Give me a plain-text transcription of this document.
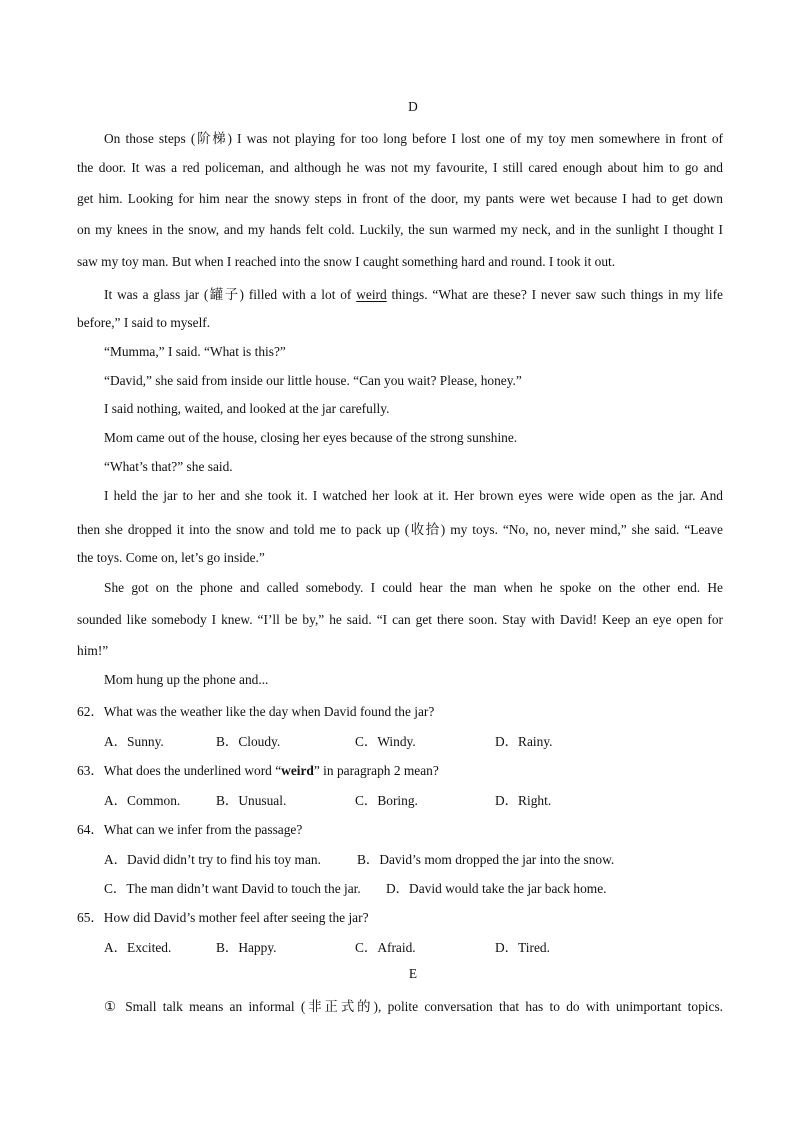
D
On those steps (阶梯) I was not playing for too long before I lost one of my toy men somewhere in front of
the door. It was a red policeman, and although he was not my favourite, I still cared enough about him to go and
get him. Looking for him near the snowy steps in front of the door, my pants were wet because I had to get down
on my knees in the snow, and my hands felt cold. Luckily, the sun warmed my neck, and in the sunlight I thought I
saw my toy man. But when I reached into the snow I caught something hard and round. I took it out.
It was a glass jar (罐子) filled with a lot of weird things. “What are these? I never saw such things in my life
before,” I said to myself.
“Mumma,” I said. “What is this?”
“David,” she said from inside our little house. “Can you wait? Please, honey.”
I said nothing, waited, and looked at the jar carefully.
Mom came out of the house, closing her eyes because of the strong sunshine.
“What’s that?” she said.
I held the jar to her and she took it. I watched her look at it. Her brown eyes were wide open as the jar. And
then she dropped it into the snow and told me to pack up (收拾) my toys. “No, no, never mind,” she said. “Leave
the toys. Come on, let’s go inside.”
She got on the phone and called somebody. I could hear the man when he spoke on the other end. He
sounded like somebody I knew. “I’ll be by,” he said. “I can get there soon. Stay with David! Keep an eye open for
him!”
Mom hung up the phone and...
62．What was the weather like the day when David found the jar?
A．Sunny.	B．Cloudy.	C．Windy.	D．Rainy.
63．What does the underlined word “weird” in paragraph 2 mean?
A．Common.	B．Unusual.	C．Boring.	D．Right.
64．What can we infer from the passage?
A．David didn’t try to find his toy man.	B．David’s mom dropped the jar into the snow.
C．The man didn’t want David to touch the jar. D．David would take the jar back home.
65．How did David’s mother feel after seeing the jar?
A．Excited.	B．Happy.	C．Afraid.	D．Tired.
E
① Small talk means an informal (非正式的), polite conversation that has to do with unimportant topics.
